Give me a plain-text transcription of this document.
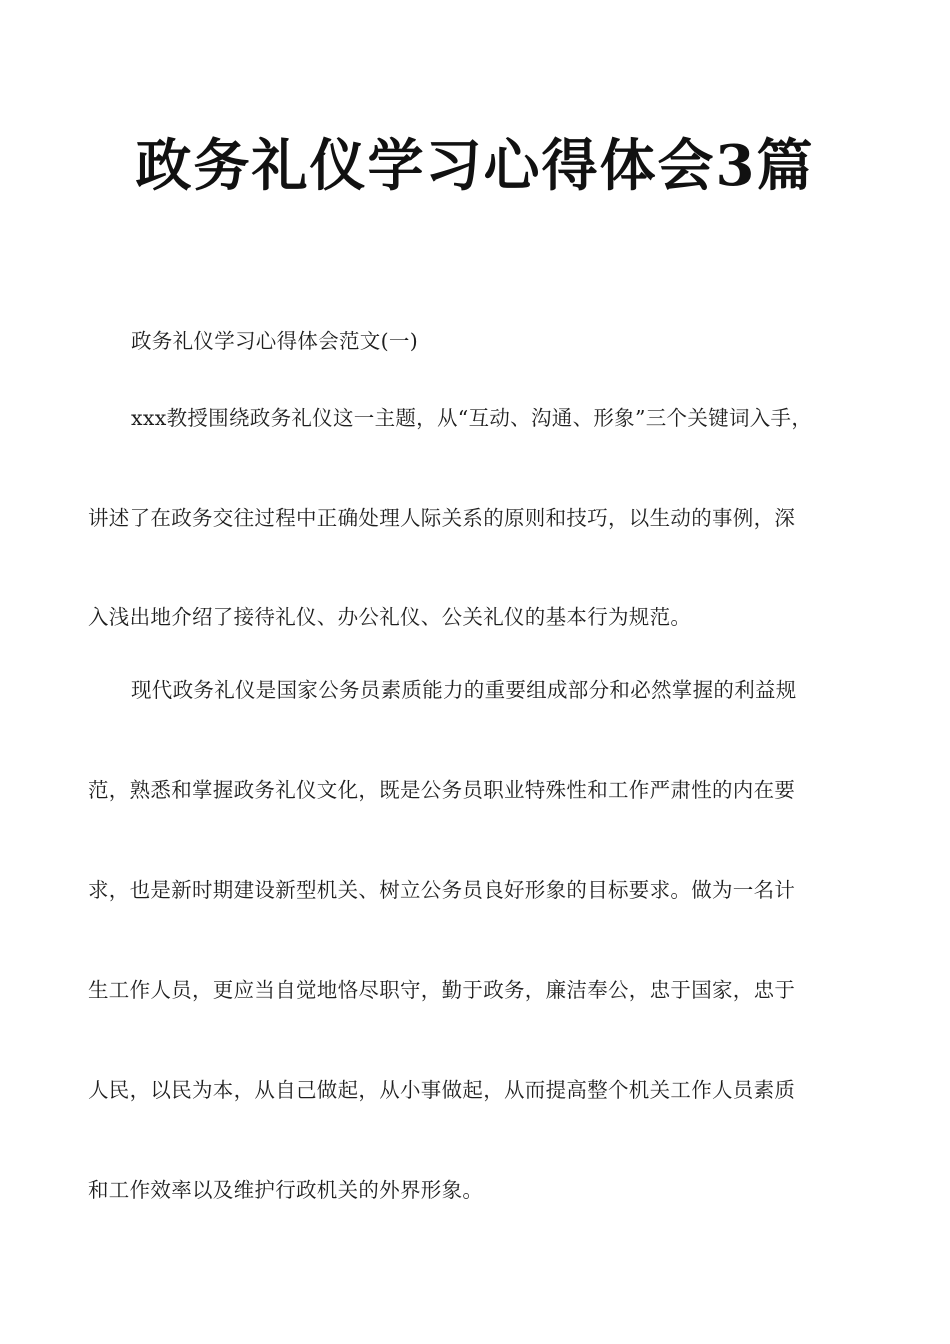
政务礼仪学习心得体会3篇
政务礼仪学习心得体会范文(一)
xxx教授围绕政务礼仪这一主题，从“互动、沟通、形象”三个关键词入手，
讲述了在政务交往过程中正确处理人际关系的原则和技巧，以生动的事例，深
入浅出地介绍了接待礼仪、办公礼仪、公关礼仪的基本行为规范。
现代政务礼仪是国家公务员素质能力的重要组成部分和必然掌握的利益规
范，熟悉和掌握政务礼仪文化，既是公务员职业特殊性和工作严肃性的内在要
求，也是新时期建设新型机关、树立公务员良好形象的目标要求。做为一名计
生工作人员，更应当自觉地恪尽职守，勤于政务，廉洁奉公，忠于国家，忠于
人民，以民为本，从自己做起，从小事做起，从而提高整个机关工作人员素质
和工作效率以及维护行政机关的外界形象。
